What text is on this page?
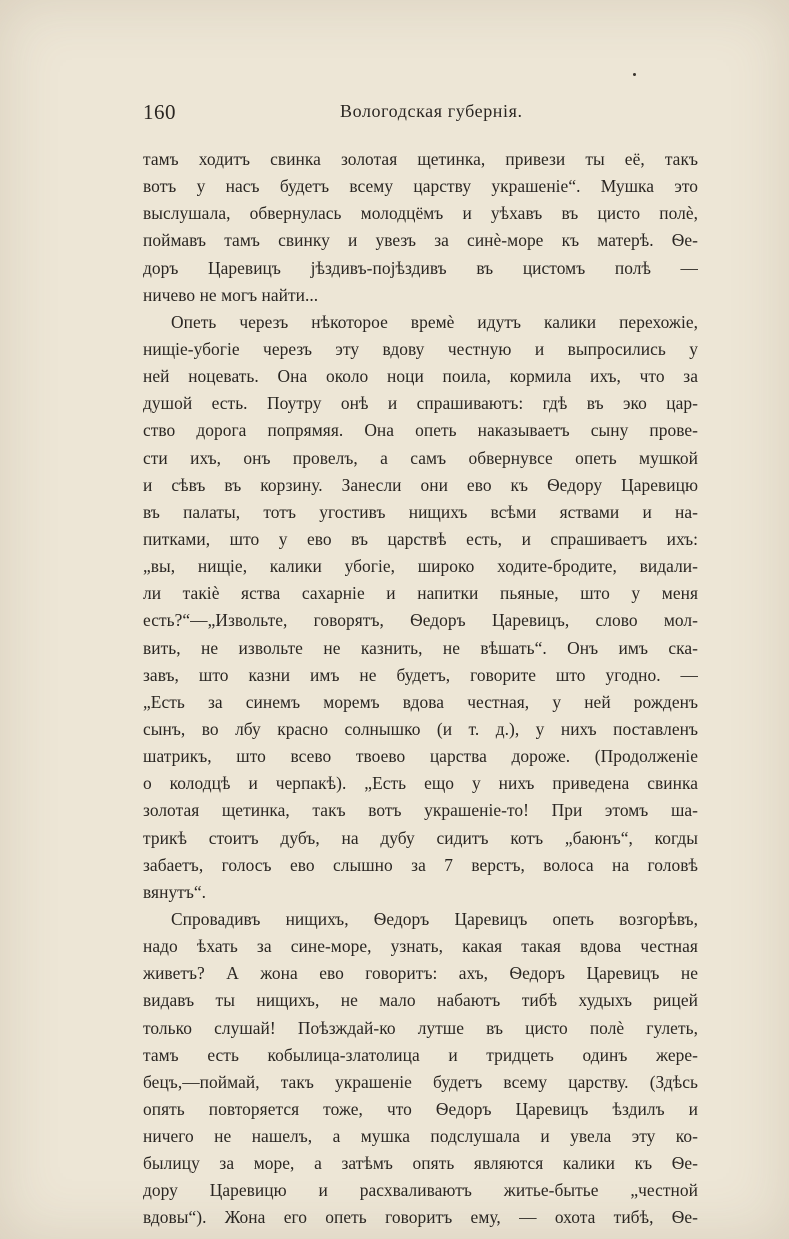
160	Вологодская губернія.
тамъ ходитъ свинка золотая щетинка, привези ты её, такъ
вотъ у насъ будетъ всему царству украшеніе“. Мушка это
выслушала, обвернулась молодцёмъ и уѣхавъ въ цисто полѐ,
поймавъ тамъ свинку и увезъ за синѐ-море къ матерѣ. Ѳе-
доръ Царевицъ јѣздивъ-појѣздивъ въ цистомъ полѣ —
ничево не могъ найти...
Опеть черезъ нѣкоторое времѐ идутъ калики перехожіе,
нищіе-убогіе черезъ эту вдову честную и выпросились у
ней ноцевать. Она около ноци поила, кормила ихъ, что за
душой есть. Поутру онѣ и спрашиваютъ: гдѣ въ эко цар-
ство дорога попрямяя. Она опеть наказываетъ сыну прове-
сти ихъ, онъ провелъ, а самъ обвернувсе опеть мушкой
и сѣвъ въ корзину. Занесли они ево къ Ѳедору Царевицю
въ палаты, тотъ угостивъ нищихъ всѣми яствами и на-
питками, што у ево въ царствѣ есть, и спрашиваетъ ихъ:
„вы, нищіе, калики убогіе, широко ходите-бродите, видали-
ли такіѐ яства сахарніе и напитки пьяные, што у меня
есть?“—„Извольте, говорятъ, Ѳедоръ Царевицъ, слово мол-
вить, не извольте не казнить, не вѣшать“. Онъ имъ ска-
завъ, што казни имъ не будетъ, говорите што угодно. —
„Есть за синемъ моремъ вдова честная, у ней рожденъ
сынъ, во лбу красно солнышко (и т. д.), у нихъ поставленъ
шатрикъ, што всево твоево царства дороже. (Продолженіе
о колодцѣ и черпакѣ). „Есть ещо у нихъ приведена свинка
золотая щетинка, такъ вотъ украшеніе-то! При этомъ ша-
трикѣ стоитъ дубъ, на дубу сидитъ котъ „баюнъ“, когды
забаетъ, голосъ ево слышно за 7 верстъ, волоса на головѣ
вянутъ“.
Спровадивъ нищихъ, Ѳедоръ Царевицъ опеть возгорѣвъ,
надо ѣхать за сине-море, узнать, какая такая вдова честная
живетъ? А жона ево говоритъ: ахъ, Ѳедоръ Царевицъ не
видавъ ты нищихъ, не мало набаютъ тибѣ худыхъ рицей
только слушай! Поѣзждай-ко лутше въ цисто полѐ гулеть,
тамъ есть кобылица-златолица и тридцеть одинъ жере-
бецъ,—поймай, такъ украшеніе будетъ всему царству. (Здѣсь
опять повторяется тоже, что Ѳедоръ Царевицъ ѣздилъ и
ничего не нашелъ, а мушка подслушала и увела эту ко-
былицу за море, а затѣмъ опять являются калики къ Ѳе-
дору Царевицю и расхваливаютъ житье-бытье „честной
вдовы“). Жона его опеть говоритъ ему, — охота тибѣ, Ѳе-
